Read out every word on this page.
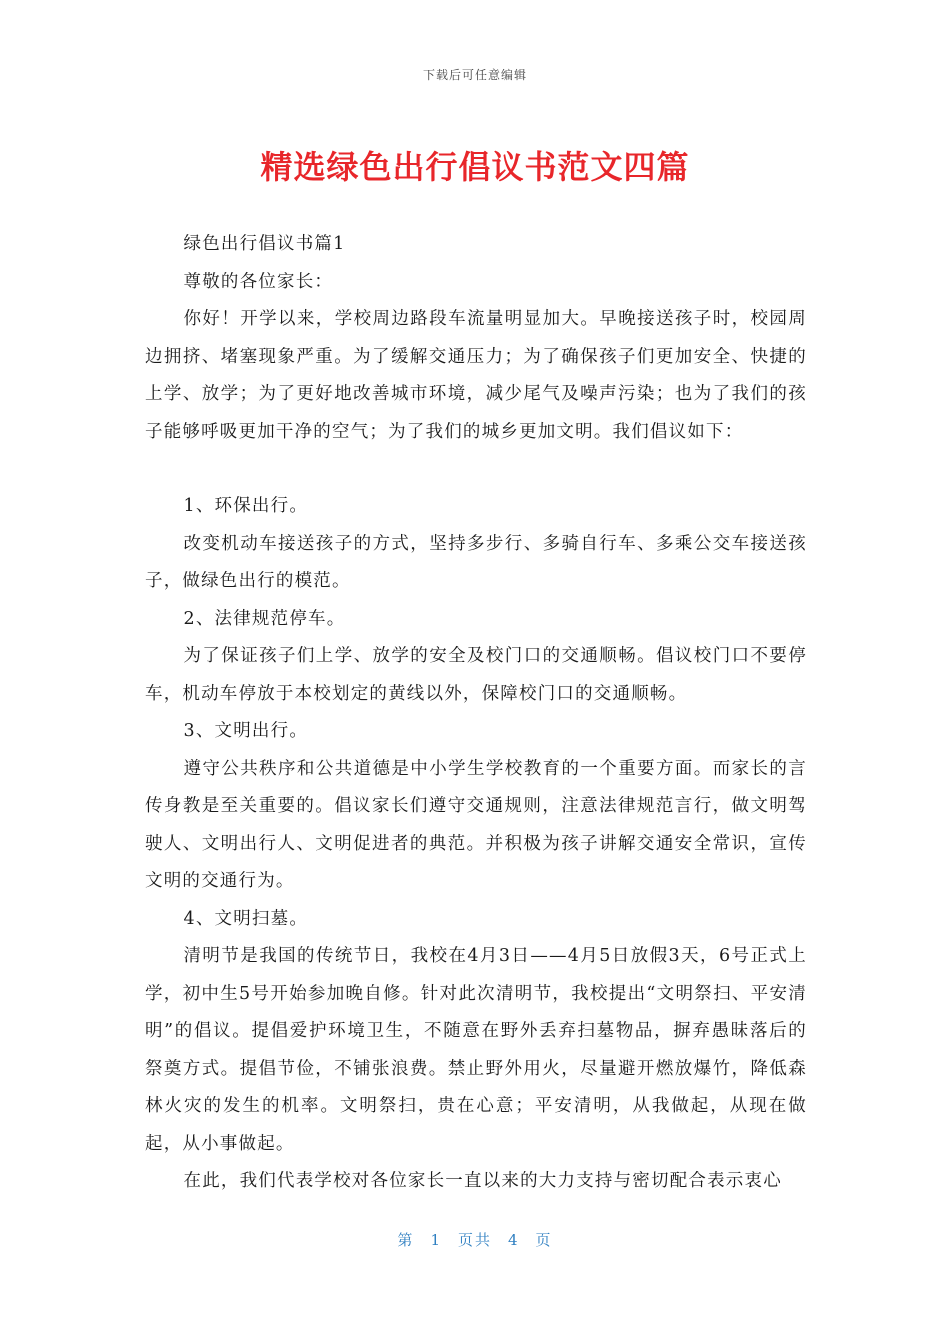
下载后可任意编辑
精选绿色出行倡议书范文四篇

绿色出行倡议书篇1

尊敬的各位家长：

你好！开学以来，学校周边路段车流量明显加大。早晚接送孩子时，校园周边拥挤、堵塞现象严重。为了缓解交通压力；为了确保孩子们更加安全、快捷的上学、放学；为了更好地改善城市环境，减少尾气及噪声污染；也为了我们的孩子能够呼吸更加干净的空气；为了我们的城乡更加文明。我们倡议如下：

1、环保出行。

改变机动车接送孩子的方式，坚持多步行、多骑自行车、多乘公交车接送孩子，做绿色出行的模范。

2、法律规范停车。

为了保证孩子们上学、放学的安全及校门口的交通顺畅。倡议校门口不要停车，机动车停放于本校划定的黄线以外，保障校门口的交通顺畅。

3、文明出行。

遵守公共秩序和公共道德是中小学生学校教育的一个重要方面。而家长的言传身教是至关重要的。倡议家长们遵守交通规则，注意法律规范言行，做文明驾驶人、文明出行人、文明促进者的典范。并积极为孩子讲解交通安全常识，宣传文明的交通行为。

4、文明扫墓。

清明节是我国的传统节日，我校在4月3日——4月5日放假3天，6号正式上学，初中生5号开始参加晚自修。针对此次清明节，我校提出“文明祭扫、平安清明”的倡议。提倡爱护环境卫生，不随意在野外丢弃扫墓物品，摒弃愚昧落后的祭奠方式。提倡节俭，不铺张浪费。禁止野外用火，尽量避开燃放爆竹，降低森林火灾的发生的机率。文明祭扫，贵在心意；平安清明，从我做起，从现在做起，从小事做起。

在此，我们代表学校对各位家长一直以来的大力支持与密切配合表示衷心

第 1 页共 4 页
